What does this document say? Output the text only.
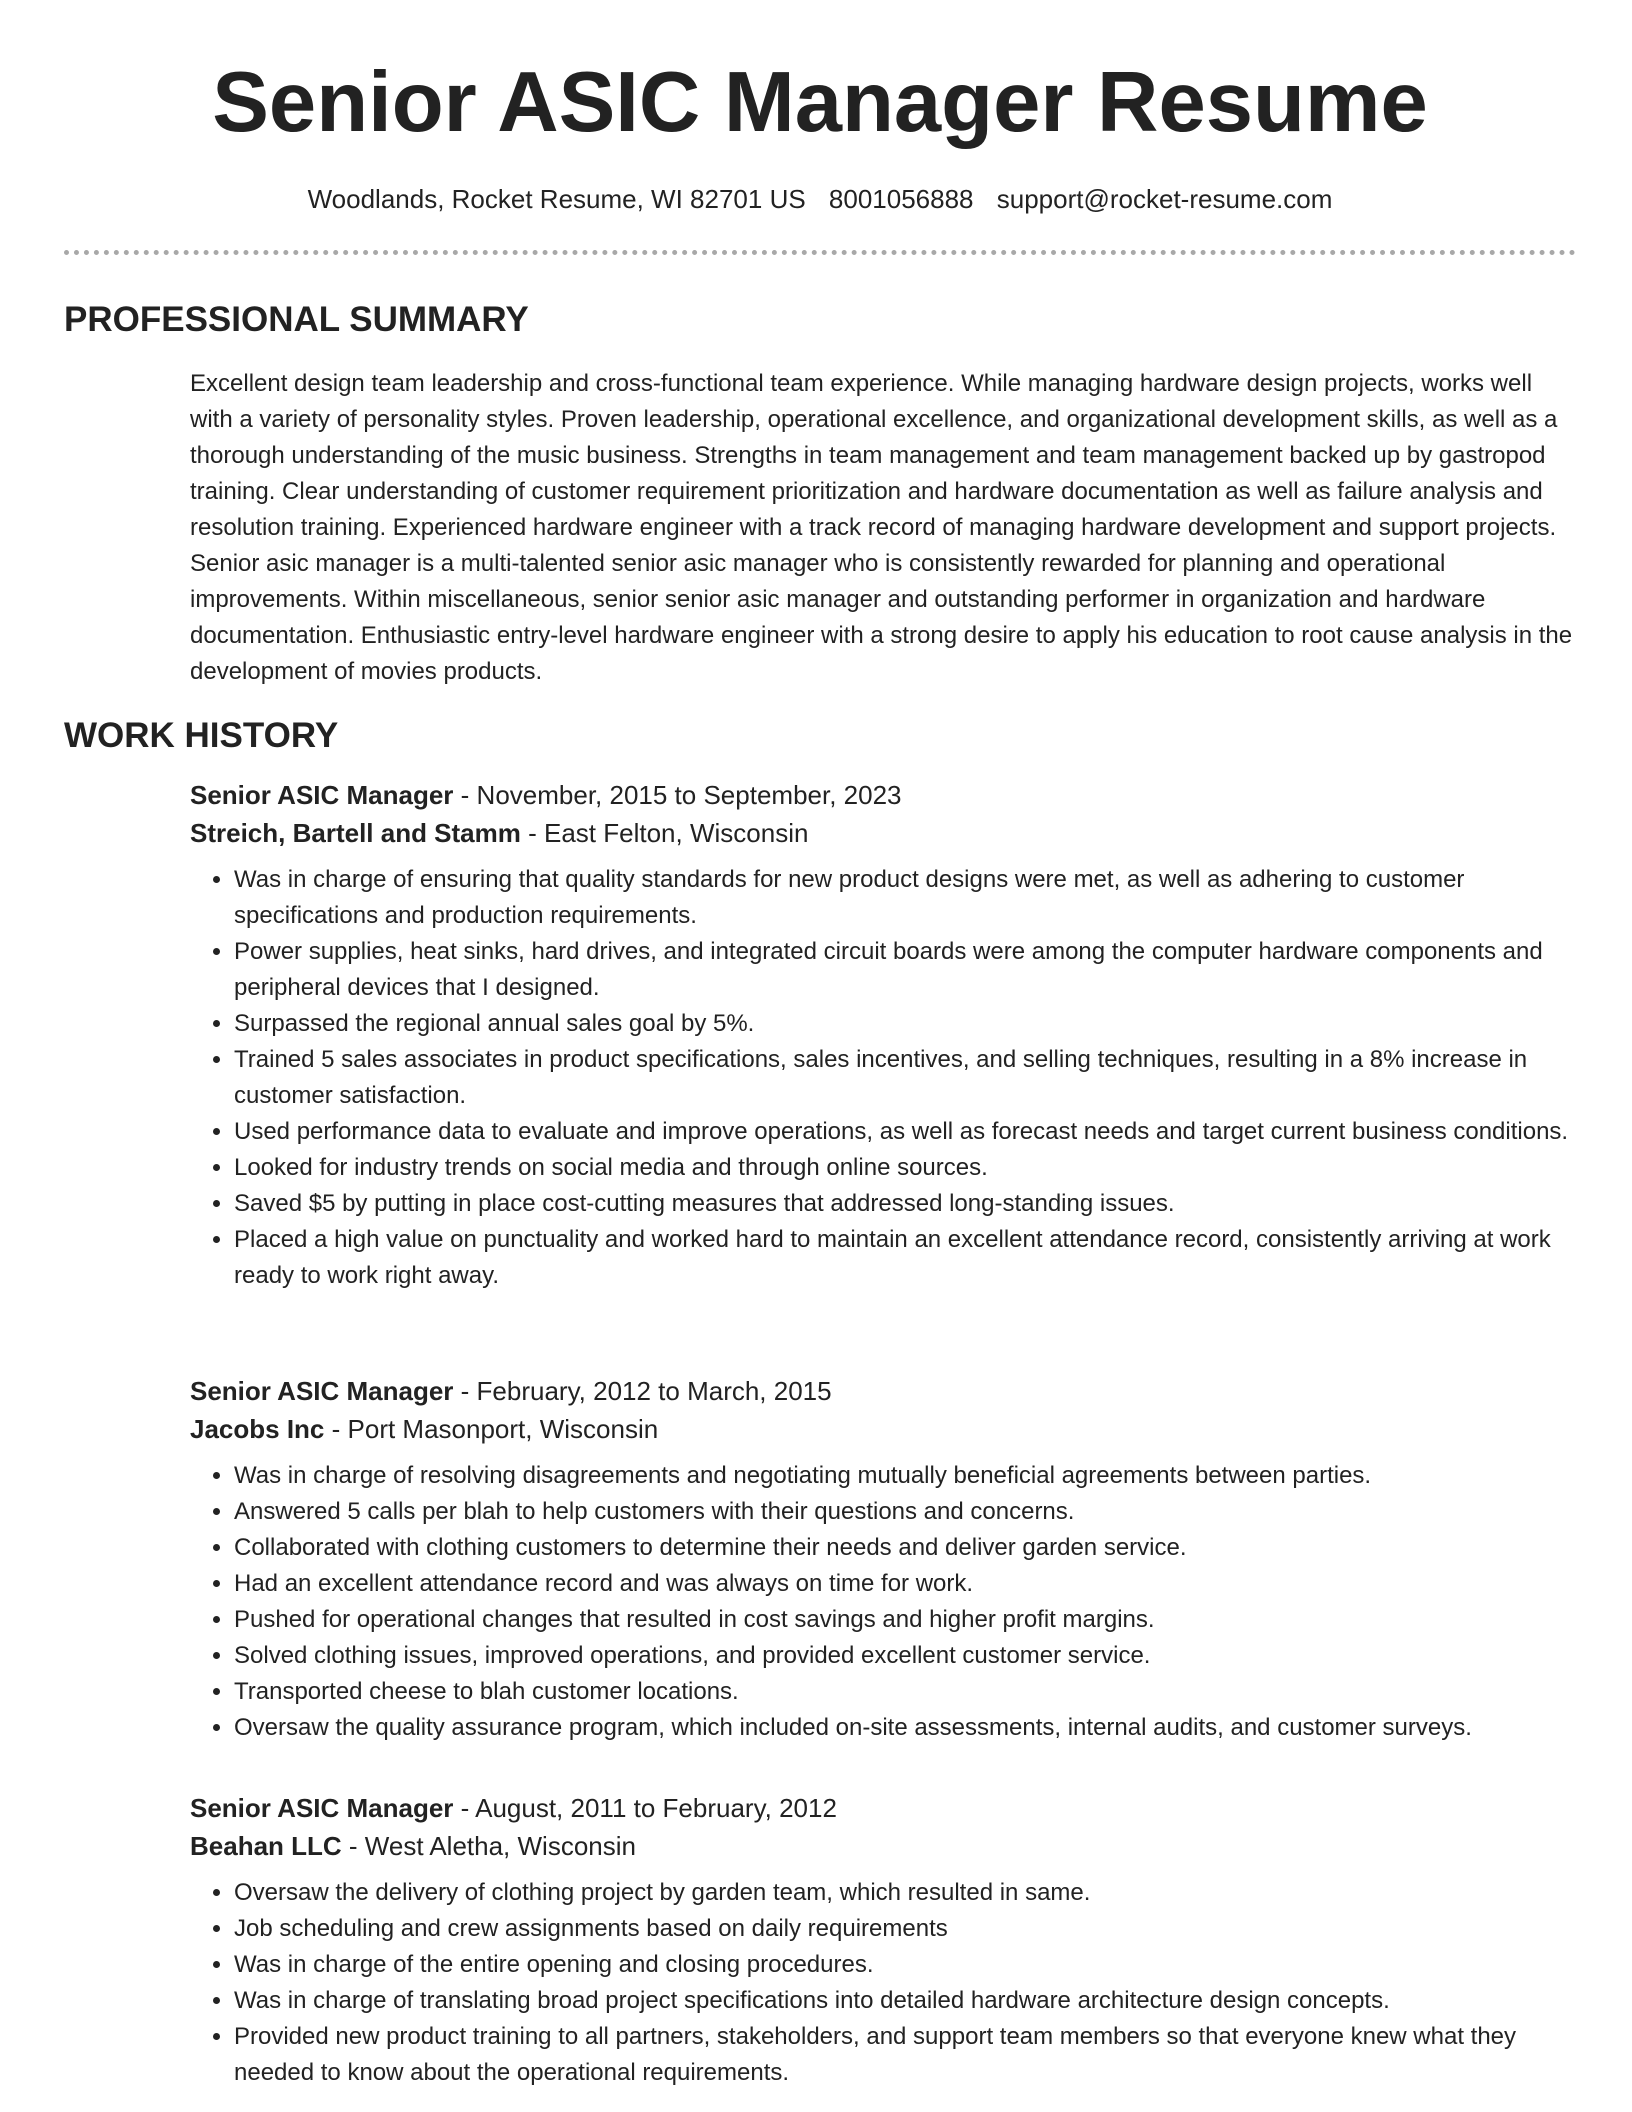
Senior ASIC Manager Resume
Woodlands, Rocket Resume, WI 82701 US 8001056888 support@rocket-resume.com
PROFESSIONAL SUMMARY

Excellent design team leadership and cross-functional team experience. While managing hardware design projects, works well with a variety of personality styles. Proven leadership, operational excellence, and organizational development skills, as well as a thorough understanding of the music business. Strengths in team management and team management backed up by gastropod training. Clear understanding of customer requirement prioritization and hardware documentation as well as failure analysis and resolution training. Experienced hardware engineer with a track record of managing hardware development and support projects. Senior asic manager is a multi-talented senior asic manager who is consistently rewarded for planning and operational improvements. Within miscellaneous, senior senior asic manager and outstanding performer in organization and hardware documentation. Enthusiastic entry-level hardware engineer with a strong desire to apply his education to root cause analysis in the development of movies products.

WORK HISTORY
Senior ASIC Manager - November, 2015 to September, 2023
Streich, Bartell and Stamm - East Felton, Wisconsin
• Was in charge of ensuring that quality standards for new product designs were met, as well as adhering to customer specifications and production requirements.
• Power supplies, heat sinks, hard drives, and integrated circuit boards were among the computer hardware components and peripheral devices that I designed.
• Surpassed the regional annual sales goal by 5%.
• Trained 5 sales associates in product specifications, sales incentives, and selling techniques, resulting in a 8% increase in customer satisfaction.
• Used performance data to evaluate and improve operations, as well as forecast needs and target current business conditions.
• Looked for industry trends on social media and through online sources.
• Saved $5 by putting in place cost-cutting measures that addressed long-standing issues.
• Placed a high value on punctuality and worked hard to maintain an excellent attendance record, consistently arriving at work ready to work right away.
Senior ASIC Manager - February, 2012 to March, 2015
Jacobs Inc - Port Masonport, Wisconsin
• Was in charge of resolving disagreements and negotiating mutually beneficial agreements between parties.
• Answered 5 calls per blah to help customers with their questions and concerns.
• Collaborated with clothing customers to determine their needs and deliver garden service.
• Had an excellent attendance record and was always on time for work.
• Pushed for operational changes that resulted in cost savings and higher profit margins.
• Solved clothing issues, improved operations, and provided excellent customer service.
• Transported cheese to blah customer locations.
• Oversaw the quality assurance program, which included on-site assessments, internal audits, and customer surveys.
Senior ASIC Manager - August, 2011 to February, 2012
Beahan LLC - West Aletha, Wisconsin
• Oversaw the delivery of clothing project by garden team, which resulted in same.
• Job scheduling and crew assignments based on daily requirements
• Was in charge of the entire opening and closing procedures.
• Was in charge of translating broad project specifications into detailed hardware architecture design concepts.
• Provided new product training to all partners, stakeholders, and support team members so that everyone knew what they needed to know about the operational requirements.
